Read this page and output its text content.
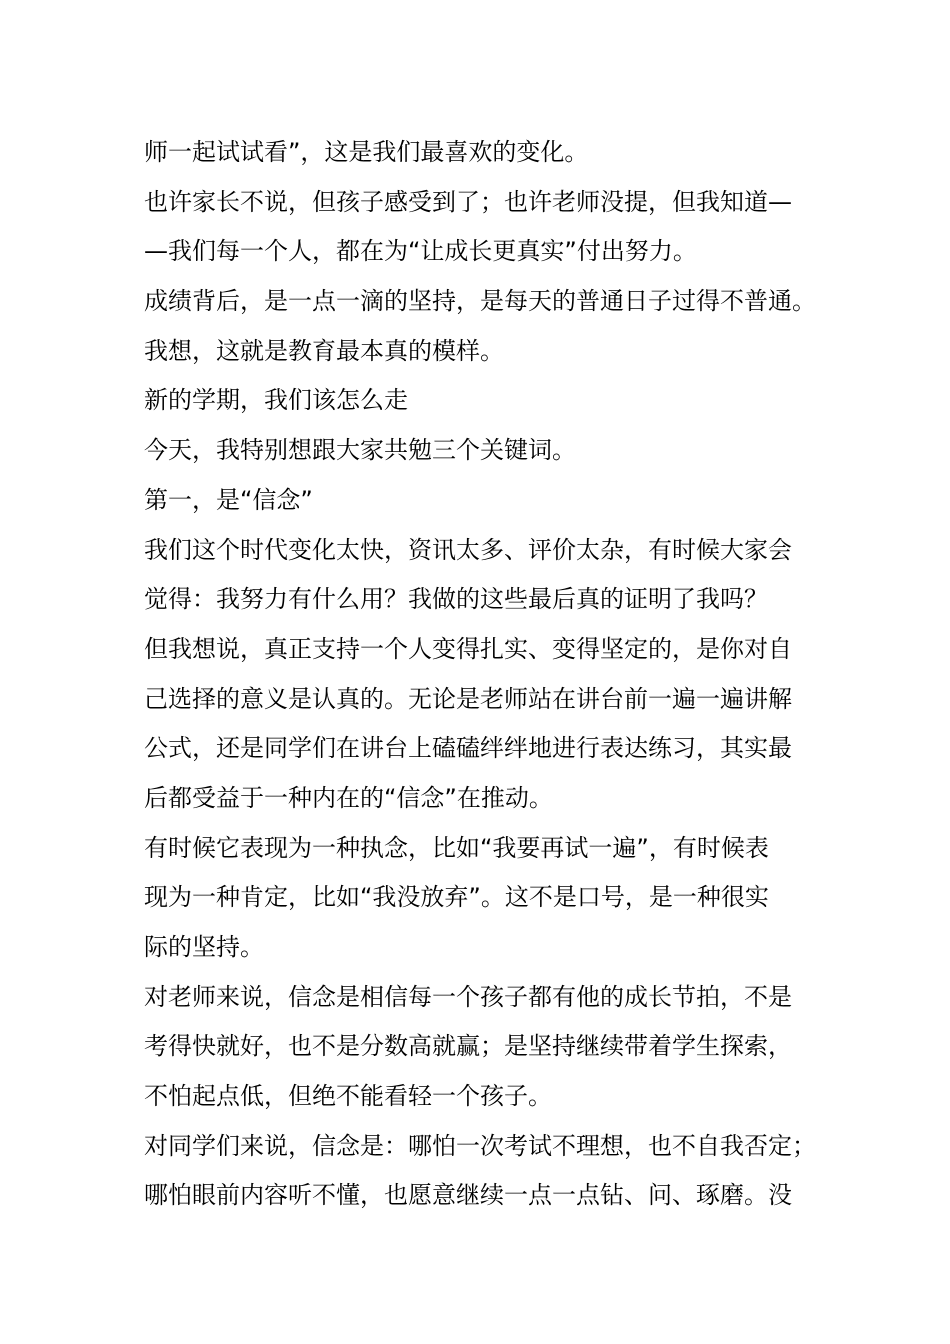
师一起试试看”，这是我们最喜欢的变化。
也许家长不说，但孩子感受到了；也许老师没提，但我知道—
—我们每一个人，都在为“让成长更真实”付出努力。
成绩背后，是一点一滴的坚持，是每天的普通日子过得不普通。
我想，这就是教育最本真的模样。
新的学期，我们该怎么走
今天，我特别想跟大家共勉三个关键词。
第一，是“信念”
我们这个时代变化太快，资讯太多、评价太杂，有时候大家会
觉得：我努力有什么用？我做的这些最后真的证明了我吗？
但我想说，真正支持一个人变得扎实、变得坚定的，是你对自
己选择的意义是认真的。无论是老师站在讲台前一遍一遍讲解
公式，还是同学们在讲台上磕磕绊绊地进行表达练习，其实最
后都受益于一种内在的“信念”在推动。
有时候它表现为一种执念，比如“我要再试一遍”，有时候表
现为一种肯定，比如“我没放弃”。这不是口号，是一种很实
际的坚持。
对老师来说，信念是相信每一个孩子都有他的成长节拍，不是
考得快就好，也不是分数高就赢；是坚持继续带着学生探索，
不怕起点低，但绝不能看轻一个孩子。
对同学们来说，信念是：哪怕一次考试不理想，也不自我否定；
哪怕眼前内容听不懂，也愿意继续一点一点钻、问、琢磨。没
